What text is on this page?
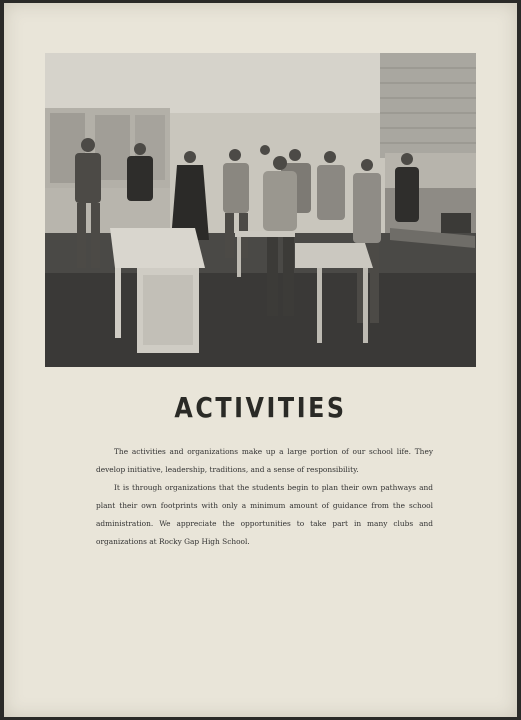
ACTIVITIES

The activities and organizations make up a large portion of our school life. They develop initiative, leadership, traditions, and a sense of responsibility.

It is through organizations that the students begin to plan their own pathways and plant their own footprints with only a minimum amount of guidance from the school administration. We appreciate the opportunities to take part in many clubs and organizations at Rocky Gap High School.
